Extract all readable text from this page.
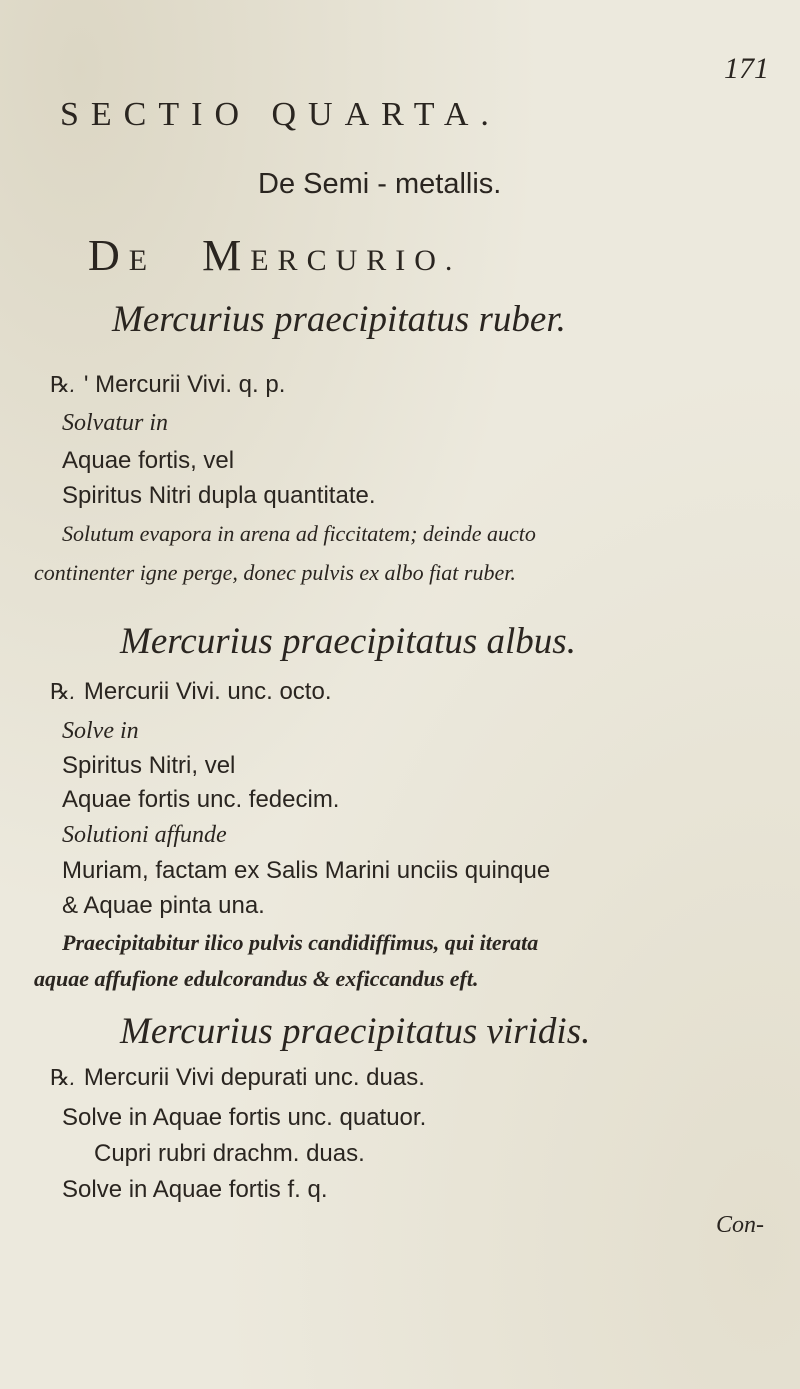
171
SECTIO QUARTA.
De Semi - metallis.
DE MERCURIO.
Mercurius praecipitatus ruber.
℞. ' Mercurii Vivi. q. p.
Solvatur in
Aquae fortis, vel
Spiritus Nitri dupla quantitate.
Solutum evapora in arena ad ficcitatem; deinde aucto
continenter igne perge, donec pulvis ex albo fiat ruber.
Mercurius praecipitatus albus.
℞. Mercurii Vivi. unc. octo.
Solve in
Spiritus Nitri, vel
Aquae fortis unc. fedecim.
Solutioni affunde
Muriam, factam ex Salis Marini unciis quinque
& Aquae pinta una.
Praecipitabitur ilico pulvis candidiffimus, qui iterata
aquae affufione edulcorandus & exficcandus eft.
Mercurius praecipitatus viridis.
℞. Mercurii Vivi depurati unc. duas.
Solve in Aquae fortis unc. quatuor.
Cupri rubri drachm. duas.
Solve in Aquae fortis f. q.
Con-
